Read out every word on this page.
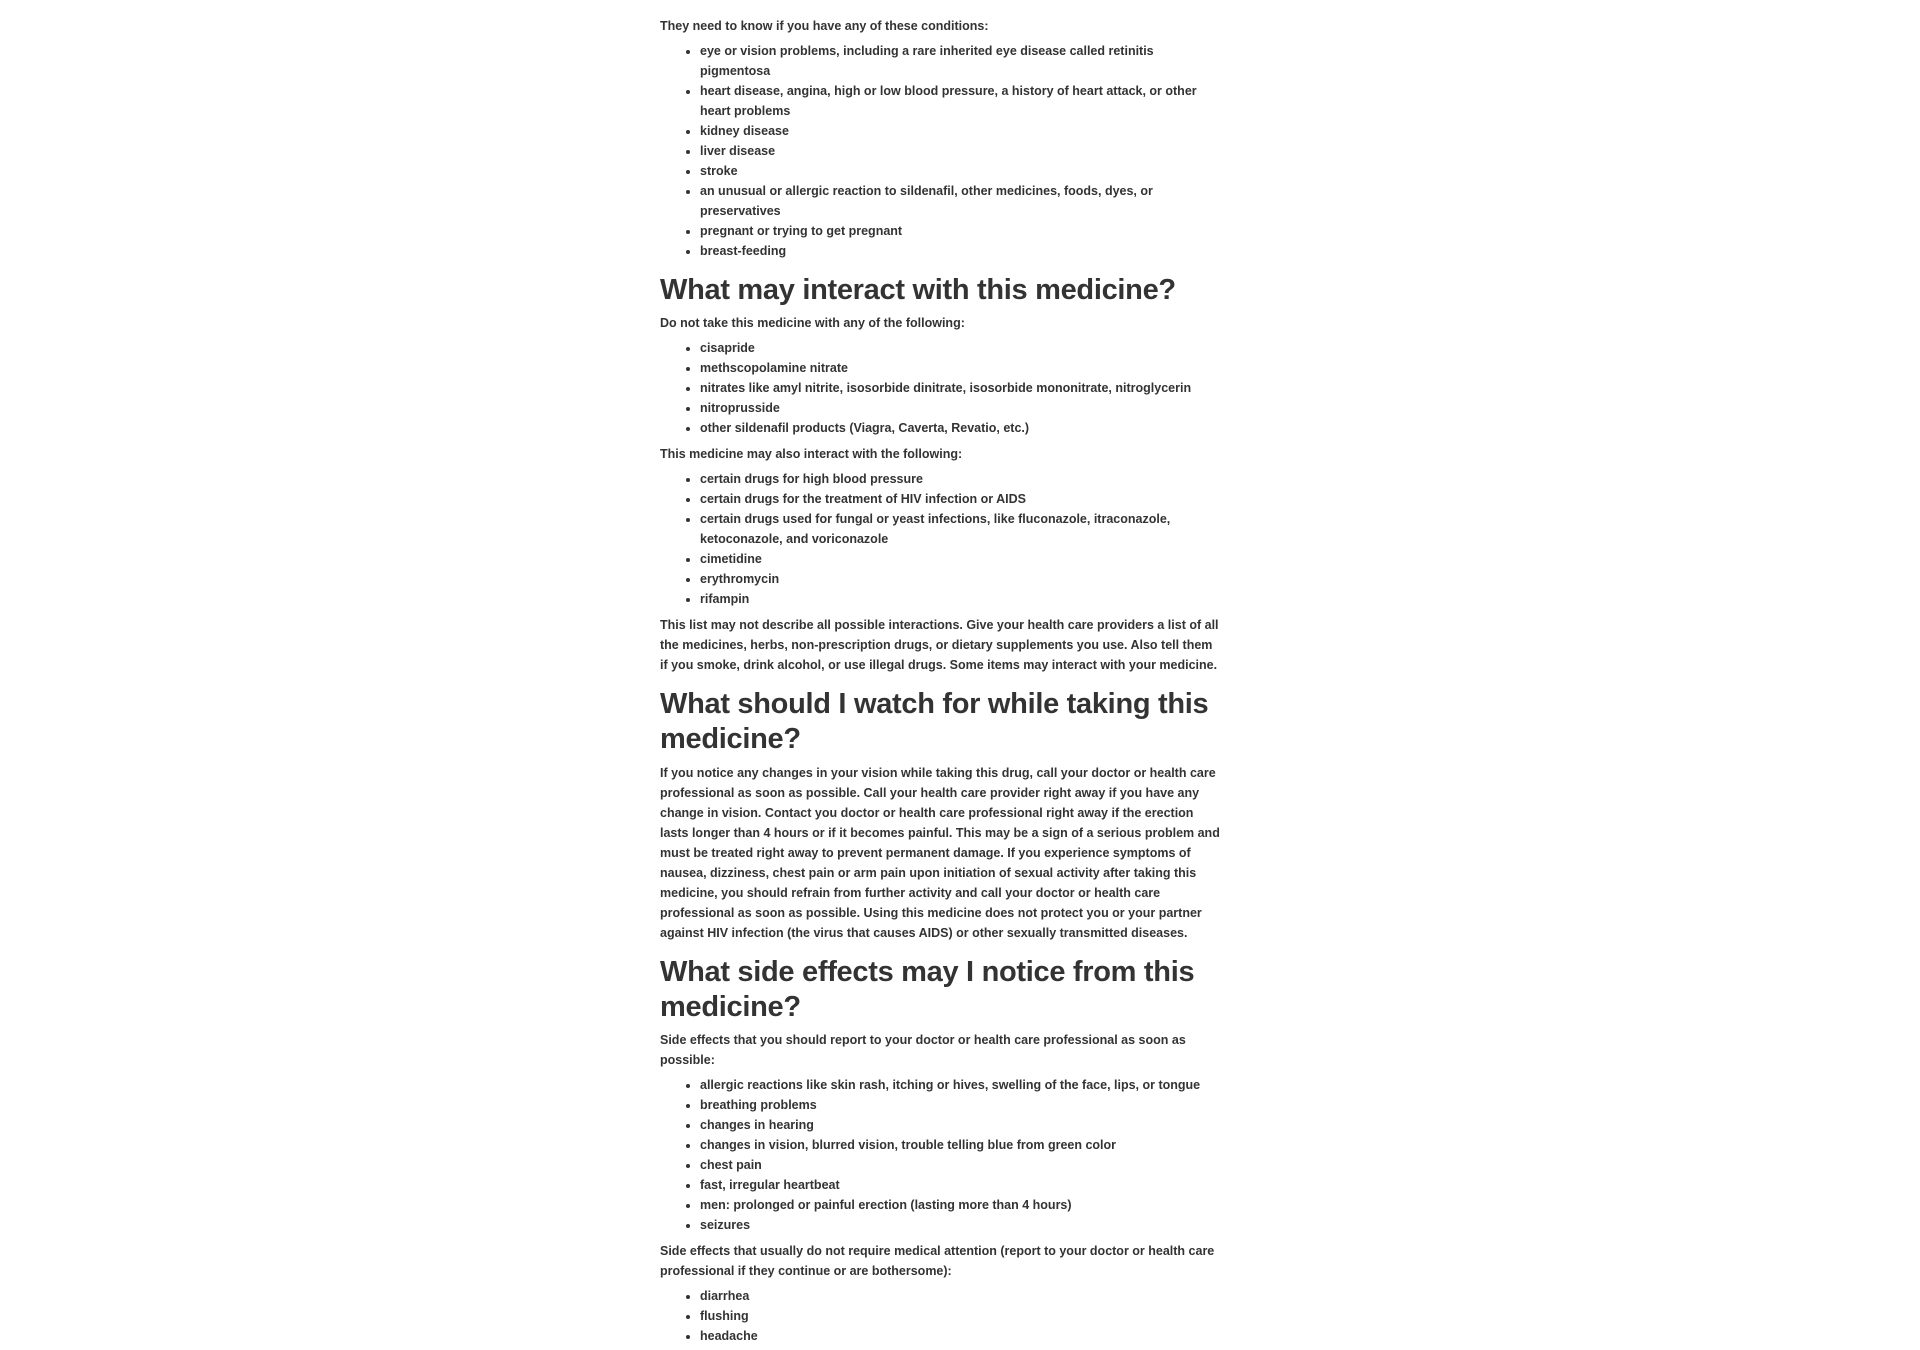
They need to know if you have any of these conditions:

• eye or vision problems, including a rare inherited eye disease called retinitis pigmentosa
• heart disease, angina, high or low blood pressure, a history of heart attack, or other heart problems
• kidney disease
• liver disease
• stroke
• an unusual or allergic reaction to sildenafil, other medicines, foods, dyes, or preservatives
• pregnant or trying to get pregnant
• breast-feeding
What may interact with this medicine?

Do not take this medicine with any of the following:

• cisapride
• methscopolamine nitrate
• nitrates like amyl nitrite, isosorbide dinitrate, isosorbide mononitrate, nitroglycerin
• nitroprusside
• other sildenafil products (Viagra, Caverta, Revatio, etc.)

This medicine may also interact with the following:

• certain drugs for high blood pressure
• certain drugs for the treatment of HIV infection or AIDS
• certain drugs used for fungal or yeast infections, like fluconazole, itraconazole, ketoconazole, and voriconazole
• cimetidine
• erythromycin
• rifampin

This list may not describe all possible interactions. Give your health care providers a list of all the medicines, herbs, non-prescription drugs, or dietary supplements you use. Also tell them if you smoke, drink alcohol, or use illegal drugs. Some items may interact with your medicine.

What should I watch for while taking this medicine?

If you notice any changes in your vision while taking this drug, call your doctor or health care professional as soon as possible. Call your health care provider right away if you have any change in vision. Contact you doctor or health care professional right away if the erection lasts longer than 4 hours or if it becomes painful. This may be a sign of a serious problem and must be treated right away to prevent permanent damage. If you experience symptoms of nausea, dizziness, chest pain or arm pain upon initiation of sexual activity after taking this medicine, you should refrain from further activity and call your doctor or health care professional as soon as possible. Using this medicine does not protect you or your partner against HIV infection (the virus that causes AIDS) or other sexually transmitted diseases.

What side effects may I notice from this medicine?

Side effects that you should report to your doctor or health care professional as soon as possible:

• allergic reactions like skin rash, itching or hives, swelling of the face, lips, or tongue
• breathing problems
• changes in hearing
• changes in vision, blurred vision, trouble telling blue from green color
• chest pain
• fast, irregular heartbeat
• men: prolonged or painful erection (lasting more than 4 hours)
• seizures

Side effects that usually do not require medical attention (report to your doctor or health care professional if they continue or are bothersome):

• diarrhea
• flushing
• headache
